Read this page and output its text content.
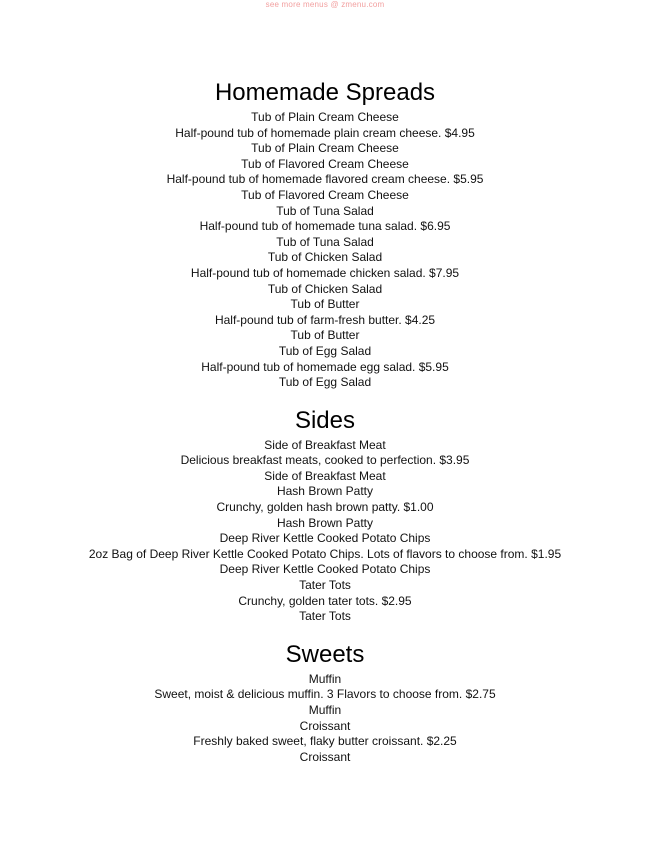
see more menus @ zmenu.com
Homemade Spreads
Tub of Plain Cream Cheese
Half-pound tub of homemade plain cream cheese. $4.95
Tub of Plain Cream Cheese
Tub of Flavored Cream Cheese
Half-pound tub of homemade flavored cream cheese. $5.95
Tub of Flavored Cream Cheese
Tub of Tuna Salad
Half-pound tub of homemade tuna salad. $6.95
Tub of Tuna Salad
Tub of Chicken Salad
Half-pound tub of homemade chicken salad. $7.95
Tub of Chicken Salad
Tub of Butter
Half-pound tub of farm-fresh butter. $4.25
Tub of Butter
Tub of Egg Salad
Half-pound tub of homemade egg salad. $5.95
Tub of Egg Salad
Sides
Side of Breakfast Meat
Delicious breakfast meats, cooked to perfection. $3.95
Side of Breakfast Meat
Hash Brown Patty
Crunchy, golden hash brown patty. $1.00
Hash Brown Patty
Deep River Kettle Cooked Potato Chips
2oz Bag of Deep River Kettle Cooked Potato Chips. Lots of flavors to choose from. $1.95
Deep River Kettle Cooked Potato Chips
Tater Tots
Crunchy, golden tater tots. $2.95
Tater Tots
Sweets
Muffin
Sweet, moist & delicious muffin. 3 Flavors to choose from. $2.75
Muffin
Croissant
Freshly baked sweet, flaky butter croissant. $2.25
Croissant
